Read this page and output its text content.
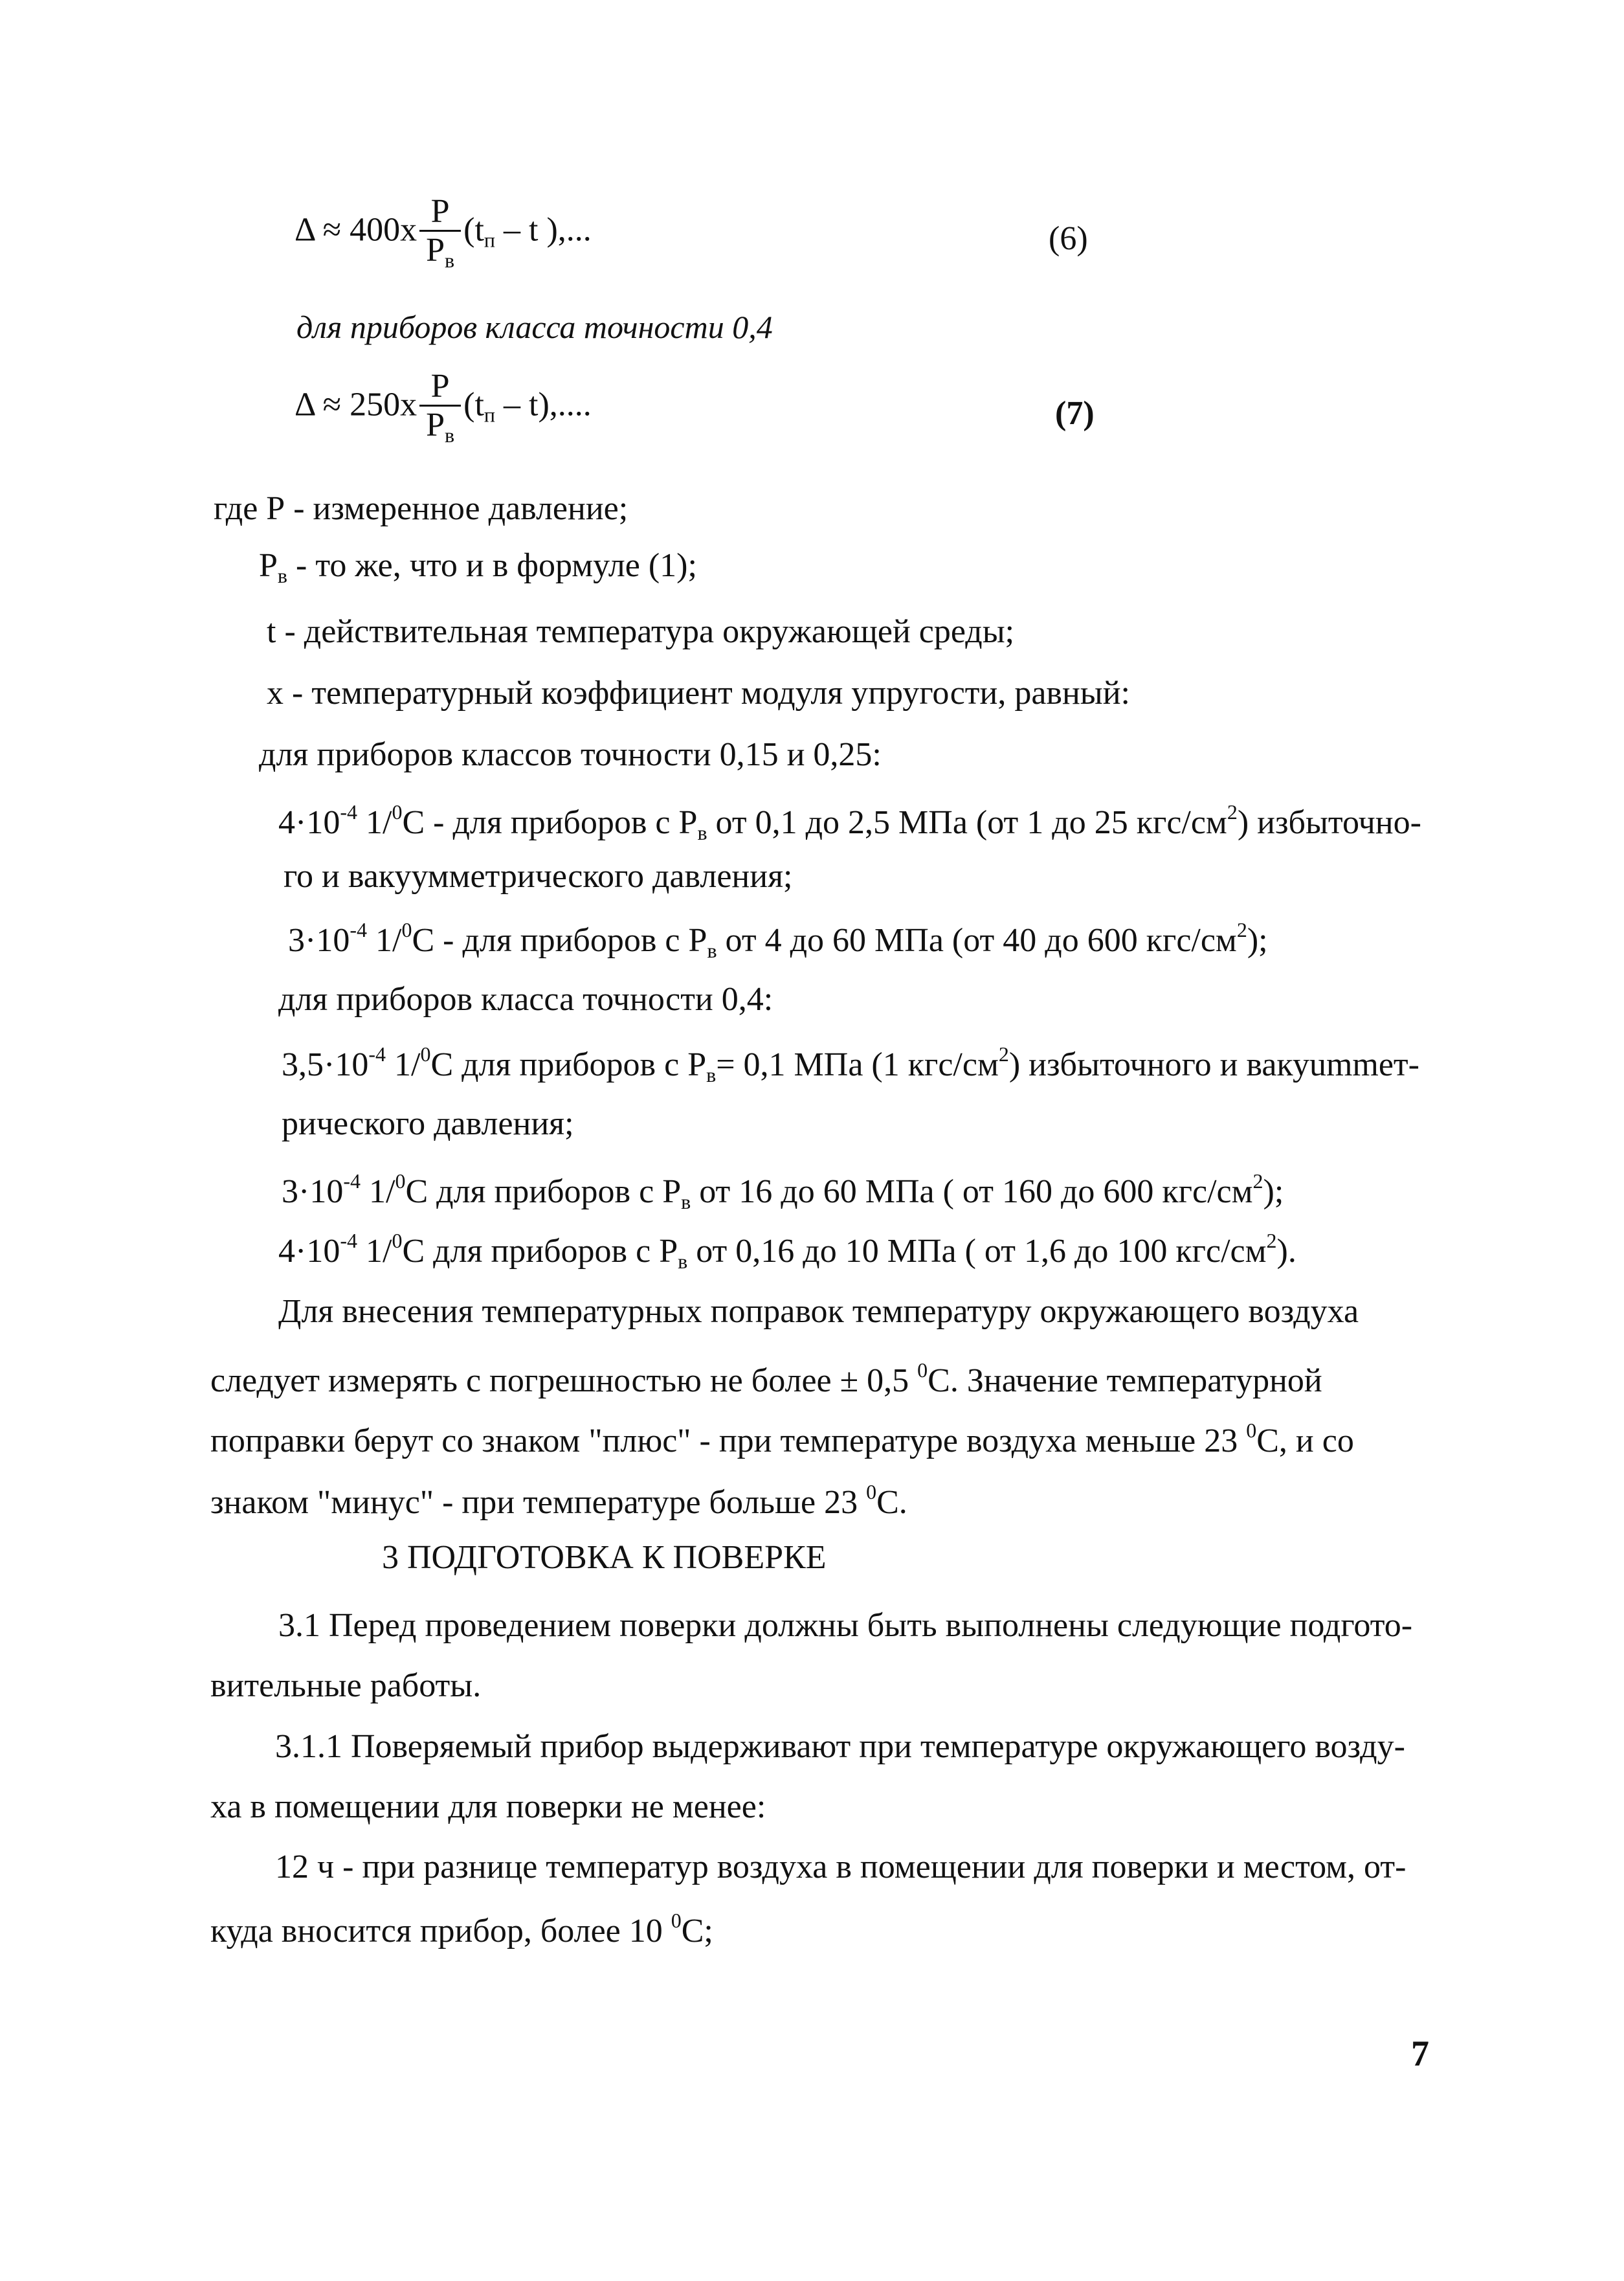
$\Delta \approx 400x \frac{P}{P_в} (t_п - t$ ),...	(6)
для приборов класса точности 0,4
$\Delta \approx 250x \frac{P}{P_в} (t_п - t)$,....	(7)
где Р - измеренное давление;
$Р_в$ - то же, что и в формуле (1);
t - действительная температура окружающей среды;
х - температурный коэффициент модуля упругости, равный:
для приборов классов точности 0,15 и 0,25:
$4\cdot 10^{-4}$ 1/$^0$С - для приборов с $Р_в$ от 0,1 до 2,5 МПа (от 1 до 25 кгс/$см^2$) избыточно-
го и вакуумметрического давления;
$3\cdot 10^{-4}$ 1/$^0$С - для приборов с $Р_в$ от 4 до 60 МПа (от 40 до 600 кгс/$см^2$);
для приборов класса точности 0,4:
$3,5\cdot 10^{-4}$ 1/$^0$С для приборов с $Р_в= 0,1$ МПа (1 кгс/$см^2$) избыточного и вакуummет-
рического давления;
$3\cdot 10^{-4}$ 1/$^0$С для приборов с $Р_в$ от 16 до 60 МПа ( от 160 до 600 кгс/$см^2$);
$4\cdot 10^{-4}$ 1/$^0$С для приборов с $Р_в$ от 0,16 до 10 МПа ( от 1,6 до 100 кгс/$см^2$).
Для внесения температурных поправок температуру окружающего воздуха
следует измерять с погрешностью не более ± 0,5 $^0$С. Значение температурной
поправки берут со знаком "плюс" - при температуре воздуха меньше 23 $^0$С, и со
знаком "минус" - при температуре больше 23 $^0$С.
3 ПОДГОТОВКА К ПОВЕРКЕ
3.1 Перед проведением поверки должны быть выполнены следующие подгото-
вительные работы.
3.1.1 Поверяемый прибор выдерживают при температуре окружающего возду-
ха в помещении для поверки не менее:
12 ч - при разнице температур воздуха в помещении для поверки и местом, от-
куда вносится прибор, более 10 $^0$С;
7
